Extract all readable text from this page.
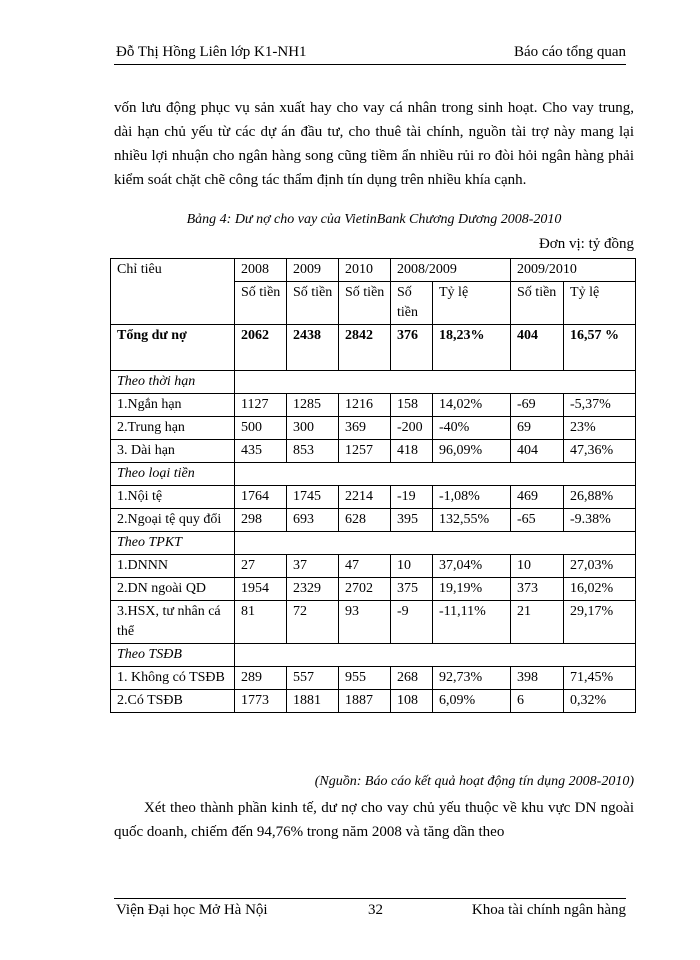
Đỗ Thị Hồng Liên lớp K1-NH1	Báo cáo tổng quan
vốn lưu động phục vụ sản xuất hay cho vay cá nhân trong sinh hoạt. Cho vay trung, dài hạn chủ yếu từ các dự án đầu tư, cho thuê tài chính, nguồn tài trợ này mang lại nhiều lợi nhuận cho ngân hàng song cũng tiềm ẩn nhiều rủi ro đòi hỏi ngân hàng phải kiểm soát chặt chẽ công tác thẩm định tín dụng trên nhiều khía cạnh.
Bảng 4: Dư nợ cho vay của VietinBank Chương Dương 2008-2010
Đơn vị: tỷ đồng
Chỉ tiêu	2008	2009	2010	2008/2009		2009/2010	
	Số tiền	Số tiền	Số tiền	Số tiền	Tỷ lệ	Số tiền	Tỷ lệ
Tổng dư nợ	2062	2438	2842	376	18,23%	404	16,57 %
Theo thời hạn							
1.Ngắn hạn	1127	1285	1216	158	14,02%	-69	-5,37%
2.Trung hạn	500	300	369	-200	-40%	69	23%
3. Dài hạn	435	853	1257	418	96,09%	404	47,36%
Theo loại tiền							
1.Nội tệ	1764	1745	2214	-19	-1,08%	469	26,88%
2.Ngoại tệ quy đổi	298	693	628	395	132,55%	-65	-9.38%
Theo TPKT							
1.DNNN	27	37	47	10	37,04%	10	27,03%
2.DN ngoài QD	1954	2329	2702	375	19,19%	373	16,02%
3.HSX, tư nhân cá thể	81	72	93	-9	-11,11%	21	29,17%
Theo TSĐB							
1. Không có TSĐB	289	557	955	268	92,73%	398	71,45%
2.Có TSĐB	1773	1881	1887	108	6,09%	6	0,32%
(Nguồn: Báo cáo kết quả hoạt động tín dụng 2008-2010)
Xét theo thành phần kinh tế, dư nợ cho vay chủ yếu thuộc về khu vực DN ngoài quốc doanh, chiếm đến 94,76% trong năm 2008 và tăng dần theo
Viện Đại học Mở Hà Nội	32	Khoa tài chính ngân hàng
